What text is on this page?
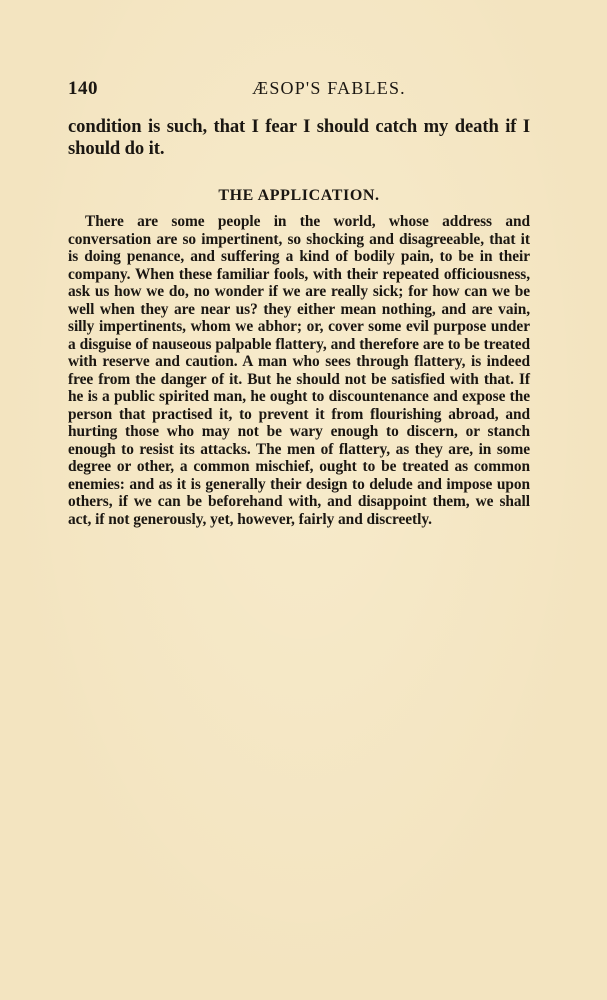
140	ÆSOP'S FABLES.

condition is such, that I fear I should catch my death if I should do it.

THE APPLICATION.

There are some people in the world, whose address and conversation are so impertinent, so shocking and disagreeable, that it is doing penance, and suffering a kind of bodily pain, to be in their company. When these familiar fools, with their repeated officiousness, ask us how we do, no wonder if we are really sick; for how can we be well when they are near us? they either mean nothing, and are vain, silly impertinents, whom we abhor; or, cover some evil purpose under a disguise of nauseous palpable flattery, and therefore are to be treated with reserve and caution. A man who sees through flattery, is indeed free from the danger of it. But he should not be satisfied with that. If he is a public spirited man, he ought to discountenance and expose the person that practised it, to prevent it from flourishing abroad, and hurting those who may not be wary enough to discern, or stanch enough to resist its attacks. The men of flattery, as they are, in some degree or other, a common mischief, ought to be treated as common enemies: and as it is generally their design to delude and impose upon others, if we can be beforehand with, and disappoint them, we shall act, if not generously, yet, however, fairly and discreetly.
